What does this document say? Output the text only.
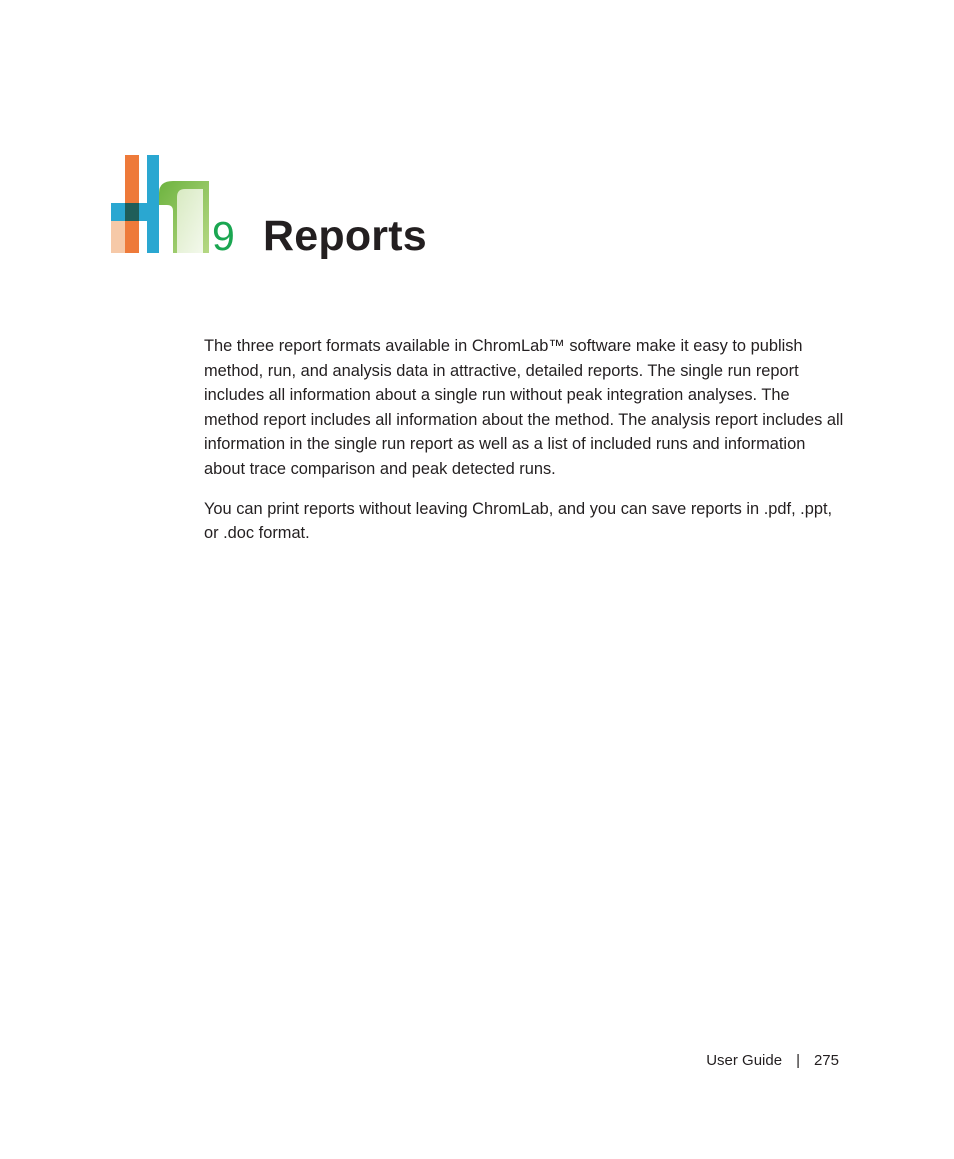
9 Reports

The three report formats available in ChromLab™ software make it easy to publish method, run, and analysis data in attractive, detailed reports. The single run report includes all information about a single run without peak integration analyses. The method report includes all information about the method. The analysis report includes all information in the single run report as well as a list of included runs and information about trace comparison and peak detected runs.

You can print reports without leaving ChromLab, and you can save reports in .pdf, .ppt, or .doc format.

User Guide | 275
